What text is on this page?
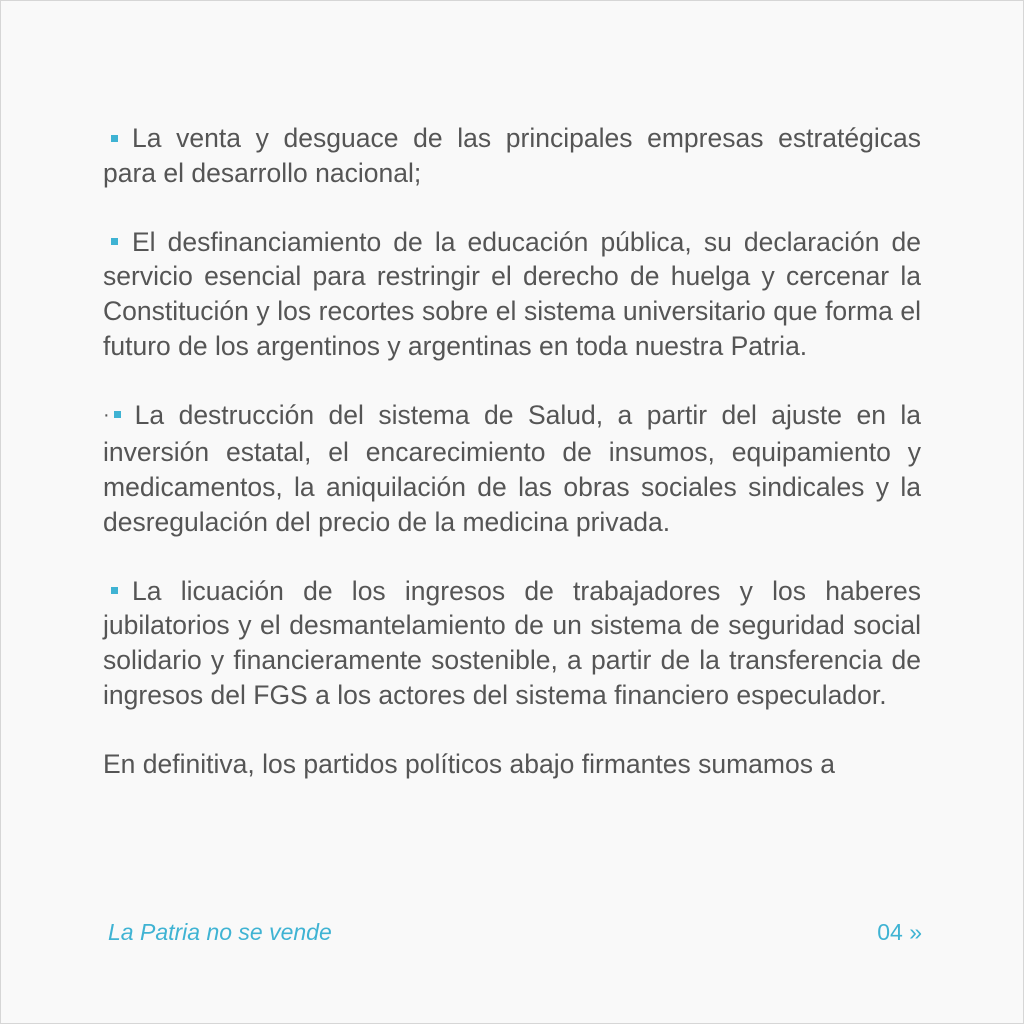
La venta y desguace de las principales empresas estratégicas para el desarrollo nacional;

El desfinanciamiento de la educación pública, su declaración de servicio esencial para restringir el derecho de huelga y cercenar la Constitución y los recortes sobre el sistema universitario que forma el futuro de los argentinos y argentinas en toda nuestra Patria.

· La destrucción del sistema de Salud, a partir del ajuste en la inversión estatal, el encarecimiento de insumos, equipamiento y medicamentos, la aniquilación de las obras sociales sindicales y la desregulación del precio de la medicina privada.

La licuación de los ingresos de trabajadores y los haberes jubilatorios y el desmantelamiento de un sistema de seguridad social solidario y financieramente sostenible, a partir de la transferencia de ingresos del FGS a los actores del sistema financiero especulador.

En definitiva, los partidos políticos abajo firmantes sumamos a

La Patria no se vende	04 »
